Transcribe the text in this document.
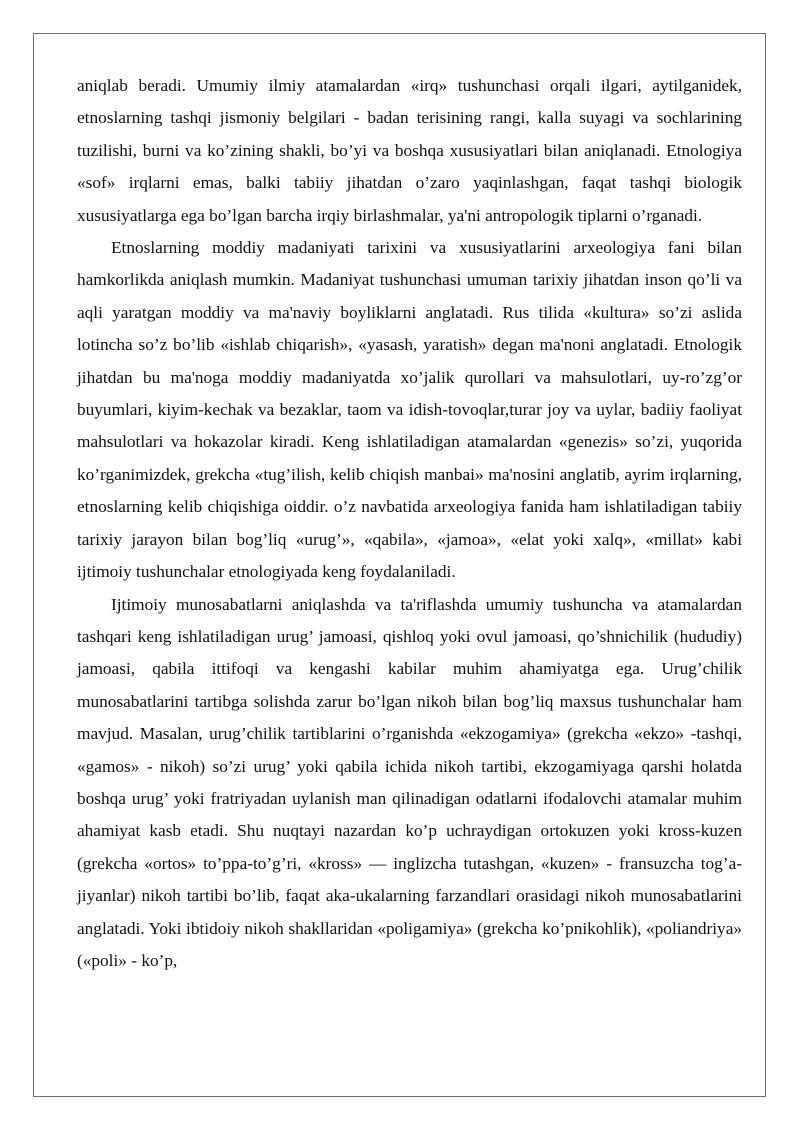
aniqlab beradi. Umumiy ilmiy atamalardan «irq» tushunchasi orqali ilgari, aytilganidek, etnoslarning tashqi jismoniy belgilari - badan terisining rangi, kalla suyagi va sochlarining tuzilishi, burni va ko’zining shakli, bo’yi va boshqa xususiyatlari bilan aniqlanadi. Etnologiya «sof» irqlarni emas, balki tabiiy jihatdan o’zaro yaqinlashgan, faqat tashqi biologik xususiyatlarga ega bo’lgan barcha irqiy birlashmalar, ya'ni antropologik tiplarni o’rganadi.

Etnoslarning moddiy madaniyati tarixini va xususiyatlarini arxeologiya fani bilan hamkorlikda aniqlash mumkin. Madaniyat tushunchasi umuman tarixiy jihatdan inson qo’li va aqli yaratgan moddiy va ma'naviy boyliklarni anglatadi. Rus tilida «kultura» so’zi aslida lotincha so’z bo’lib «ishlab chiqarish», «yasash, yaratish» degan ma'noni anglatadi. Etnologik jihatdan bu ma'noga moddiy madaniyatda xo’jalik qurollari va mahsulotlari, uy-ro’zg’or buyumlari, kiyim-kechak va bezaklar, taom va idish-tovoqlar,turar joy va uylar, badiiy faoliyat mahsulotlari va hokazolar kiradi. Keng ishlatiladigan atamalardan «genezis» so’zi, yuqorida ko’rganimizdek, grekcha «tug’ilish, kelib chiqish manbai» ma'nosini anglatib, ayrim irqlarning, etnoslarning kelib chiqishiga oiddir. o’z navbatida arxeologiya fanida ham ishlatiladigan tabiiy tarixiy jarayon bilan bog’liq «urug’», «qabila», «jamoa», «elat yoki xalq», «millat» kabi ijtimoiy tushunchalar etnologiyada keng foydalaniladi.

Ijtimoiy munosabatlarni aniqlashda va ta'riflashda umumiy tushuncha va atamalardan tashqari keng ishlatiladigan urug’ jamoasi, qishloq yoki ovul jamoasi, qo’shnichilik (hududiy) jamoasi, qabila ittifoqi va kengashi kabilar muhim ahamiyatga ega. Urug’chilik munosabatlarini tartibga solishda zarur bo’lgan nikoh bilan bog’liq maxsus tushunchalar ham mavjud. Masalan, urug’chilik tartiblarini o’rganishda «ekzogamiya» (grekcha «ekzo» -tashqi, «gamos» - nikoh) so’zi urug’ yoki qabila ichida nikoh tartibi, ekzogamiyaga qarshi holatda boshqa urug’ yoki fratriyadan uylanish man qilinadigan odatlarni ifodalovchi atamalar muhim ahamiyat kasb etadi. Shu nuqtayi nazardan ko’p uchraydigan ortokuzen yoki kross-kuzen (grekcha «ortos» to’ppa-to’g’ri, «kross» — inglizcha tutashgan, «kuzen» - fransuzcha tog’a-jiyanlar) nikoh tartibi bo’lib, faqat aka-ukalarning farzandlari orasidagi nikoh munosabatlarini anglatadi. Yoki ibtidoiy nikoh shakllaridan «poligamiya» (grekcha ko’pnikohlik), «poliandriya» («poli» - ko’p,
